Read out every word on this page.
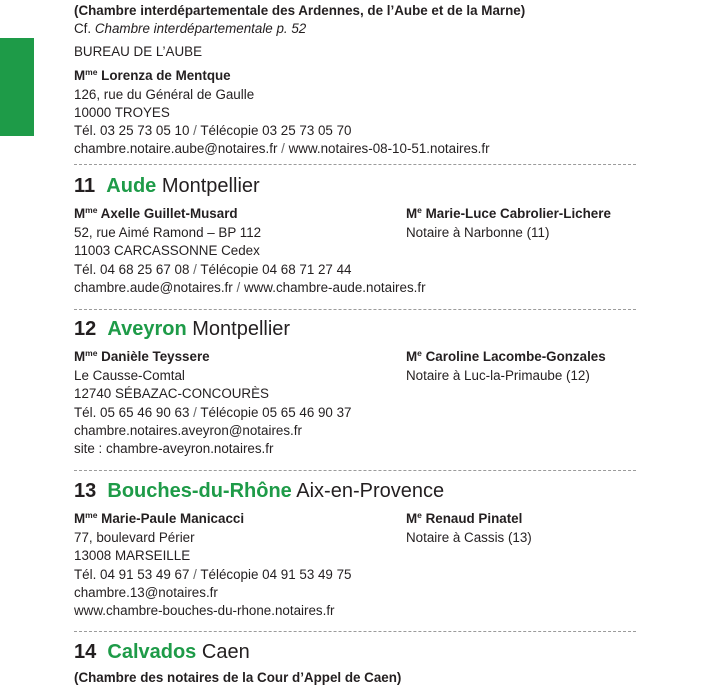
(Chambre interdépartementale des Ardennes, de l’Aube et de la Marne)
Cf. Chambre interdépartementale p. 52
BUREAU DE L’AUBE
$M^{me}$ Lorenza de Mentque
126, rue du Général de Gaulle
10000 TROYES
Tél. 03 25 73 05 10 / Télécopie 03 25 73 05 70
chambre.notaire.aube@notaires.fr / www.notaires-08-10-51.notaires.fr
11 Aude Montpellier
$M^{me}$ Axelle Guillet-Musard
52, rue Aimé Ramond – BP 112
11003 CARCASSONNE Cedex
Tél. 04 68 25 67 08 / Télécopie 04 68 71 27 44
chambre.aude@notaires.fr / www.chambre-aude.notaires.fr
Me Marie-Luce Cabrolier-Lichere
Notaire à Narbonne (11)
12 Aveyron Montpellier
$M^{me}$ Danièle Teyssere
Le Causse-Comtal
12740 SÉBAZAC-CONCOURÈS
Tél. 05 65 46 90 63 / Télécopie 05 65 46 90 37
chambre.notaires.aveyron@notaires.fr
site : chambre-aveyron.notaires.fr
Me Caroline Lacombe-Gonzales
Notaire à Luc-la-Primaube (12)
13 Bouches-du-Rhône Aix-en-Provence
$M^{me}$ Marie-Paule Manicacci
77, boulevard Périer
13008 MARSEILLE
Tél. 04 91 53 49 67 / Télécopie 04 91 53 49 75
chambre.13@notaires.fr
www.chambre-bouches-du-rhone.notaires.fr
Me Renaud Pinatel
Notaire à Cassis (13)
14 Calvados Caen
(Chambre des notaires de la Cour d’Appel de Caen)
